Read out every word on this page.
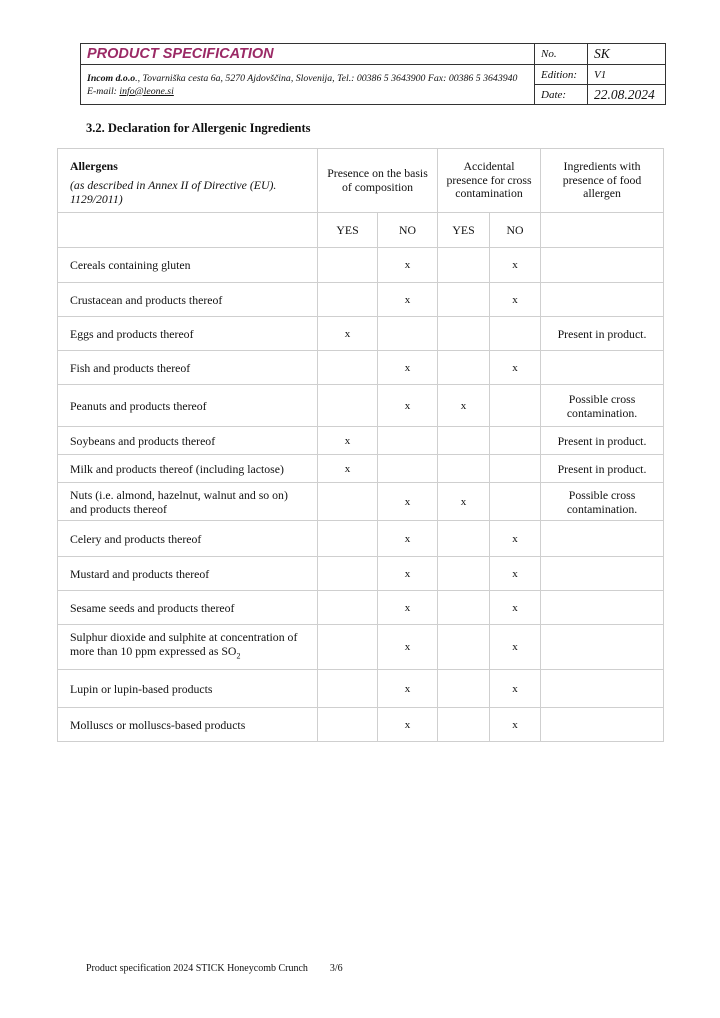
PRODUCT SPECIFICATION	No.	SK
Incom d.o.o., Tovarniška cesta 6a, 5270 Ajdovščina, Slovenija, Tel.: 00386 5 3643900 Fax: 00386 5 3643940 E-mail: info@leone.si	Edition:	V1
	Date:	22.08.2024
3.2. Declaration for Allergenic Ingredients
Allergens
(as described in Annex II of Directive (EU). 1129/2011)	Presence on the basis of composition		Accidental presence for cross contamination		Ingredients with presence of food allergen
	YES	NO	YES	NO	
Cereals containing gluten		x		x	
Crustacean and products thereof		x		x	
Eggs and products thereof	x				Present in product.
Fish and products thereof		x		x	
Peanuts and products thereof		x	x		Possible cross contamination.
Soybeans and products thereof	x				Present in product.
Milk and products thereof (including lactose)	x				Present in product.
Nuts (i.e. almond, hazelnut, walnut and so on) and products thereof		x	x		Possible cross contamination.
Celery and products thereof		x		x	
Mustard and products thereof		x		x	
Sesame seeds and products thereof		x		x	
Sulphur dioxide and sulphite at concentration of more than 10 ppm expressed as $SO_2$		x		x	
Lupin or lupin-based products		x		x	
Molluscs or molluscs-based products		x		x	
Product specification 2024 STICK Honeycomb Crunch 3/6
